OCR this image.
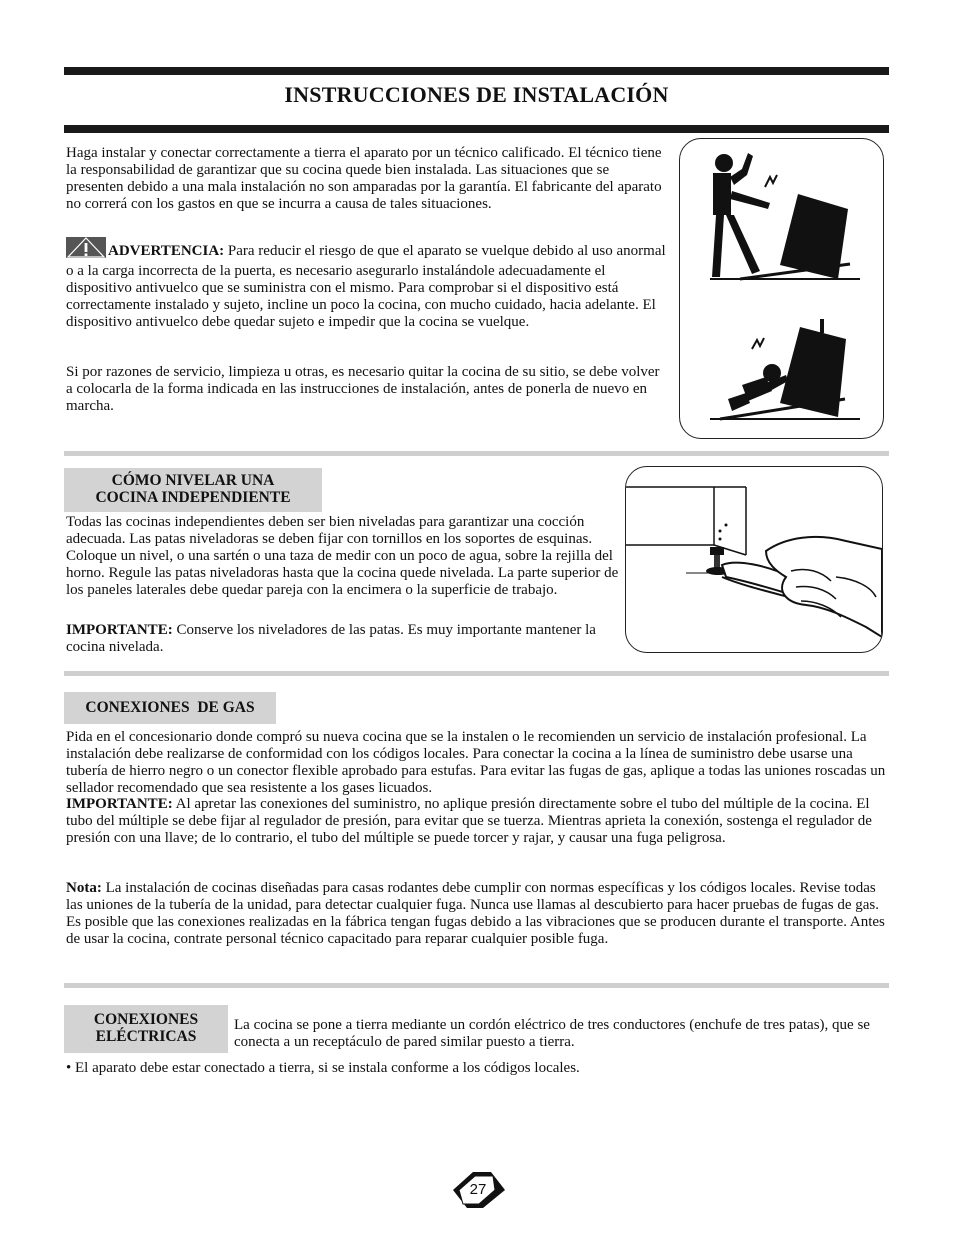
INSTRUCCIONES DE INSTALACIÓN

Haga instalar y conectar correctamente a tierra el aparato por un técnico calificado. El técnico tiene la responsabilidad de garantizar que su cocina quede bien instalada. Las situaciones que se presenten debido a una mala instalación no son amparadas por la garantía. El fabricante del aparato no correrá con los gastos en que se incurra a causa de tales situaciones.

ADVERTENCIA: Para reducir el riesgo de que el aparato se vuelque debido al uso anormal o a la carga incorrecta de la puerta, es necesario asegurarlo instalándole adecuadamente el dispositivo antivuelco que se suministra con el mismo. Para comprobar si el dispositivo está correctamente instalado y sujeto, incline un poco la cocina, con mucho cuidado, hacia adelante. El dispositivo antivuelco debe quedar sujeto e impedir que la cocina se vuelque.

Si por razones de servicio, limpieza u otras, es necesario quitar la cocina de su sitio, se debe volver a colocarla de la forma indicada en las instrucciones de instalación, antes de ponerla de nuevo en marcha.

CÓMO NIVELAR UNA
COCINA INDEPENDIENTE

Todas las cocinas independientes deben ser bien niveladas para garantizar una cocción adecuada. Las patas niveladoras se deben fijar con tornillos en los soportes de esquinas. Coloque un nivel, o una sartén o una taza de medir con un poco de agua, sobre la rejilla del horno. Regule las patas niveladoras hasta que la cocina quede nivelada. La parte superior de los paneles laterales debe quedar pareja con la encimera o la superficie de trabajo.

IMPORTANTE: Conserve los niveladores de las patas. Es muy importante mantener la cocina nivelada.

CONEXIONES  DE GAS

Pida en el concesionario donde compró su nueva cocina que se la instalen o le recomienden un servicio de instalación profesional. La instalación debe realizarse de conformidad con los códigos locales. Para conectar la cocina a la línea de suministro debe usarse una tubería de hierro negro o un conector flexible aprobado para estufas. Para evitar las fugas de gas, aplique a todas las uniones roscadas un sellador recomendado que sea resistente a los gases licuados.

IMPORTANTE: Al apretar las conexiones del suministro, no aplique presión directamente sobre el tubo del múltiple de la cocina. El tubo del múltiple se debe fijar al regulador de presión, para evitar que se tuerza. Mientras aprieta la conexión, sostenga el regulador de presión con una llave; de lo contrario, el tubo del múltiple se puede torcer y rajar, y causar una fuga peligrosa.

Nota: La instalación de cocinas diseñadas para casas rodantes debe cumplir con normas específicas y los códigos locales. Revise todas las uniones de la tubería de la unidad, para detectar cualquier fuga. Nunca use llamas al descubierto para hacer pruebas de fugas de gas. Es posible que las conexiones realizadas en la fábrica tengan fugas debido a las vibraciones que se producen durante el transporte. Antes de usar la cocina, contrate personal técnico capacitado para reparar cualquier posible fuga.

CONEXIONES
ELÉCTRICAS

La cocina se pone a tierra mediante un cordón eléctrico de tres conductores (enchufe de tres patas), que se conecta a un receptáculo de pared similar puesto a tierra.

• El aparato debe estar conectado a tierra, si se instala conforme a los códigos locales.

27
